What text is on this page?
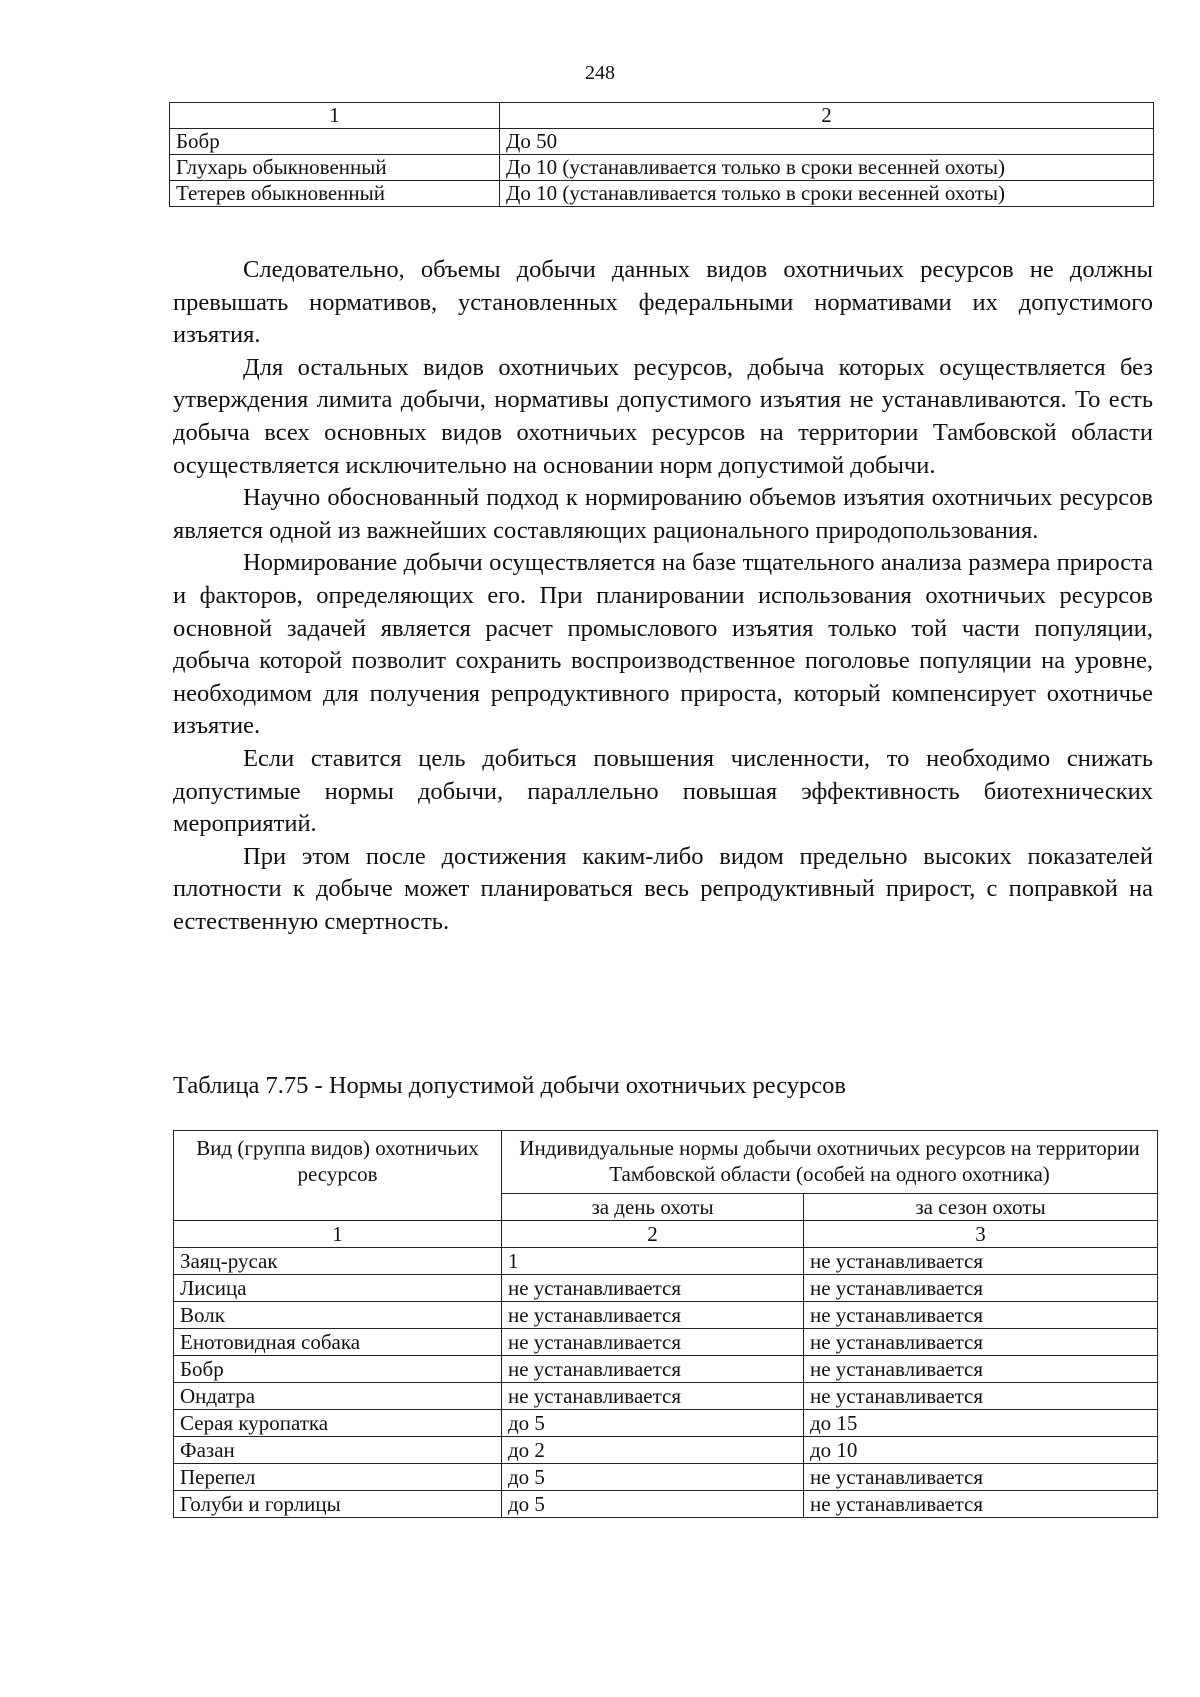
248
1	2
Бобр	До 50
Глухарь обыкновенный	До 10 (устанавливается только в сроки весенней охоты)
Тетерев обыкновенный	До 10 (устанавливается только в сроки весенней охоты)

Следовательно, объемы добычи данных видов охотничьих ресурсов не должны превышать нормативов, установленных федеральными нормативами их допустимого изъятия.

Для остальных видов охотничьих ресурсов, добыча которых осуществляется без утверждения лимита добычи, нормативы допустимого изъятия не устанавливаются. То есть добыча всех основных видов охотничьих ресурсов на территории Тамбовской области осуществляется исключительно на основании норм допустимой добычи.

Научно обоснованный подход к нормированию объемов изъятия охотничьих ресурсов является одной из важнейших составляющих рационального природопользования.

Нормирование добычи осуществляется на базе тщательного анализа размера прироста и факторов, определяющих его. При планировании использования охотничьих ресурсов основной задачей является расчет промыслового изъятия только той части популяции, добыча которой позволит сохранить воспроизводственное поголовье популяции на уровне, необходимом для получения репродуктивного прироста, который компенсирует охотничье изъятие.

Если ставится цель добиться повышения численности, то необходимо снижать допустимые нормы добычи, параллельно повышая эффективность биотехнических мероприятий.

При этом после достижения каким-либо видом предельно высоких показателей плотности к добыче может планироваться весь репродуктивный прирост, с поправкой на естественную смертность.

Таблица 7.75 - Нормы допустимой добычи охотничьих ресурсов
Вид (группа видов) охотничьих ресурсов	Индивидуальные нормы добычи охотничьих ресурсов на территории Тамбовской области (особей на одного охотника)	
	за день охоты	за сезон охоты
1	2	3
Заяц-русак	1	не устанавливается
Лисица	не устанавливается	не устанавливается
Волк	не устанавливается	не устанавливается
Енотовидная собака	не устанавливается	не устанавливается
Бобр	не устанавливается	не устанавливается
Ондатра	не устанавливается	не устанавливается
Серая куропатка	до 5	до 15
Фазан	до 2	до 10
Перепел	до 5	не устанавливается
Голуби и горлицы	до 5	не устанавливается
